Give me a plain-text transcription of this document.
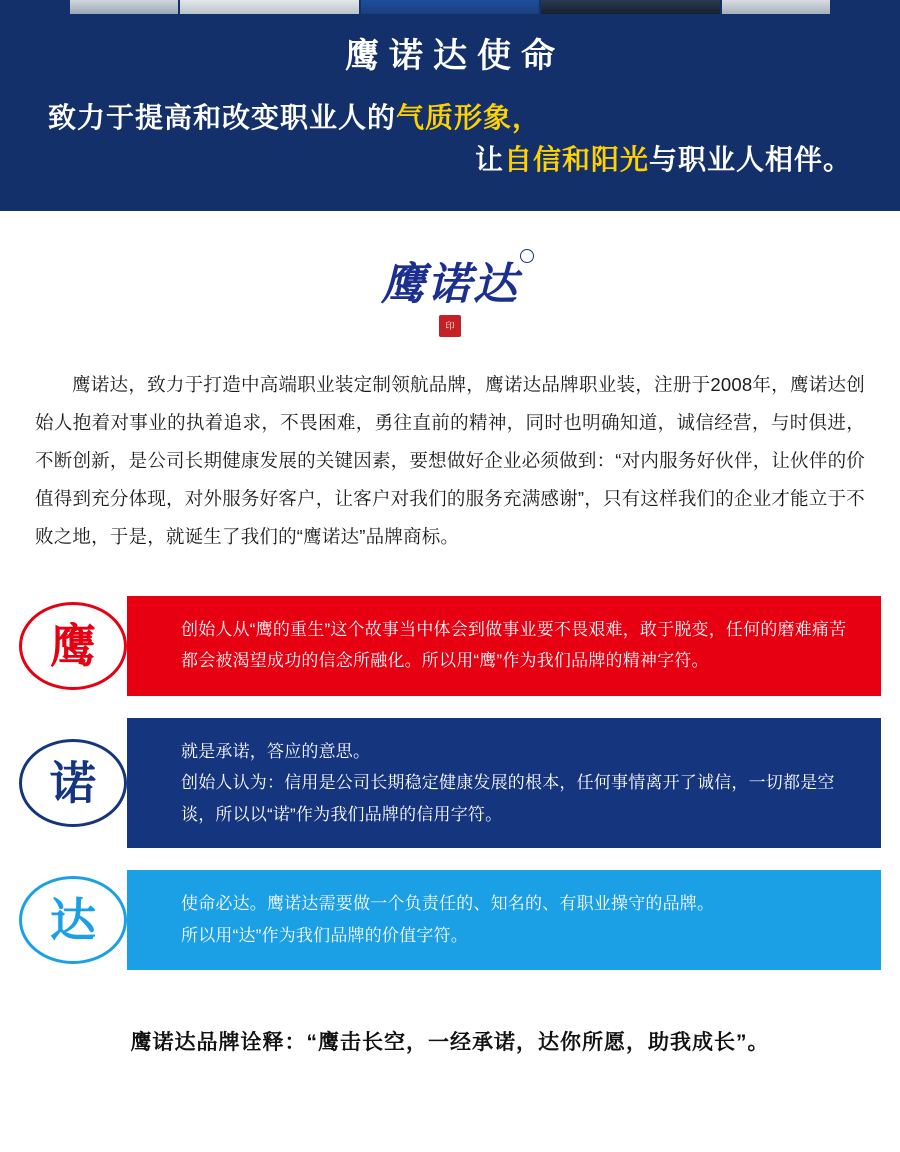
鹰诺达使命
致力于提高和改变职业人的气质形象，
让自信和阳光与职业人相伴。
鹰诺达
印
鹰诺达，致力于打造中高端职业装定制领航品牌，鹰诺达品牌职业装，注册于2008年，鹰诺达创始人抱着对事业的执着追求，不畏困难，勇往直前的精神，同时也明确知道，诚信经营，与时俱进，不断创新，是公司长期健康发展的关键因素，要想做好企业必须做到：“对内服务好伙伴，让伙伴的价值得到充分体现，对外服务好客户，让客户对我们的服务充满感谢”，只有这样我们的企业才能立于不败之地，于是，就诞生了我们的“鹰诺达”品牌商标。
鹰	创始人从“鹰的重生”这个故事当中体会到做事业要不畏艰难，敢于脱变，任何的磨难痛苦都会被渴望成功的信念所融化。所以用“鹰”作为我们品牌的精神字符。

诺

就是承诺，答应的意思。

创始人认为：信用是公司长期稳定健康发展的根本，任何事情离开了诚信，一切都是空谈，所以以“诺”作为我们品牌的信用字符。

达	使命必达。鹰诺达需要做一个负责任的、知名的、有职业操守的品牌。

所以用“达”作为我们品牌的价值字符。

鹰诺达品牌诠释：“鹰击长空，一经承诺，达你所愿，助我成长”。
